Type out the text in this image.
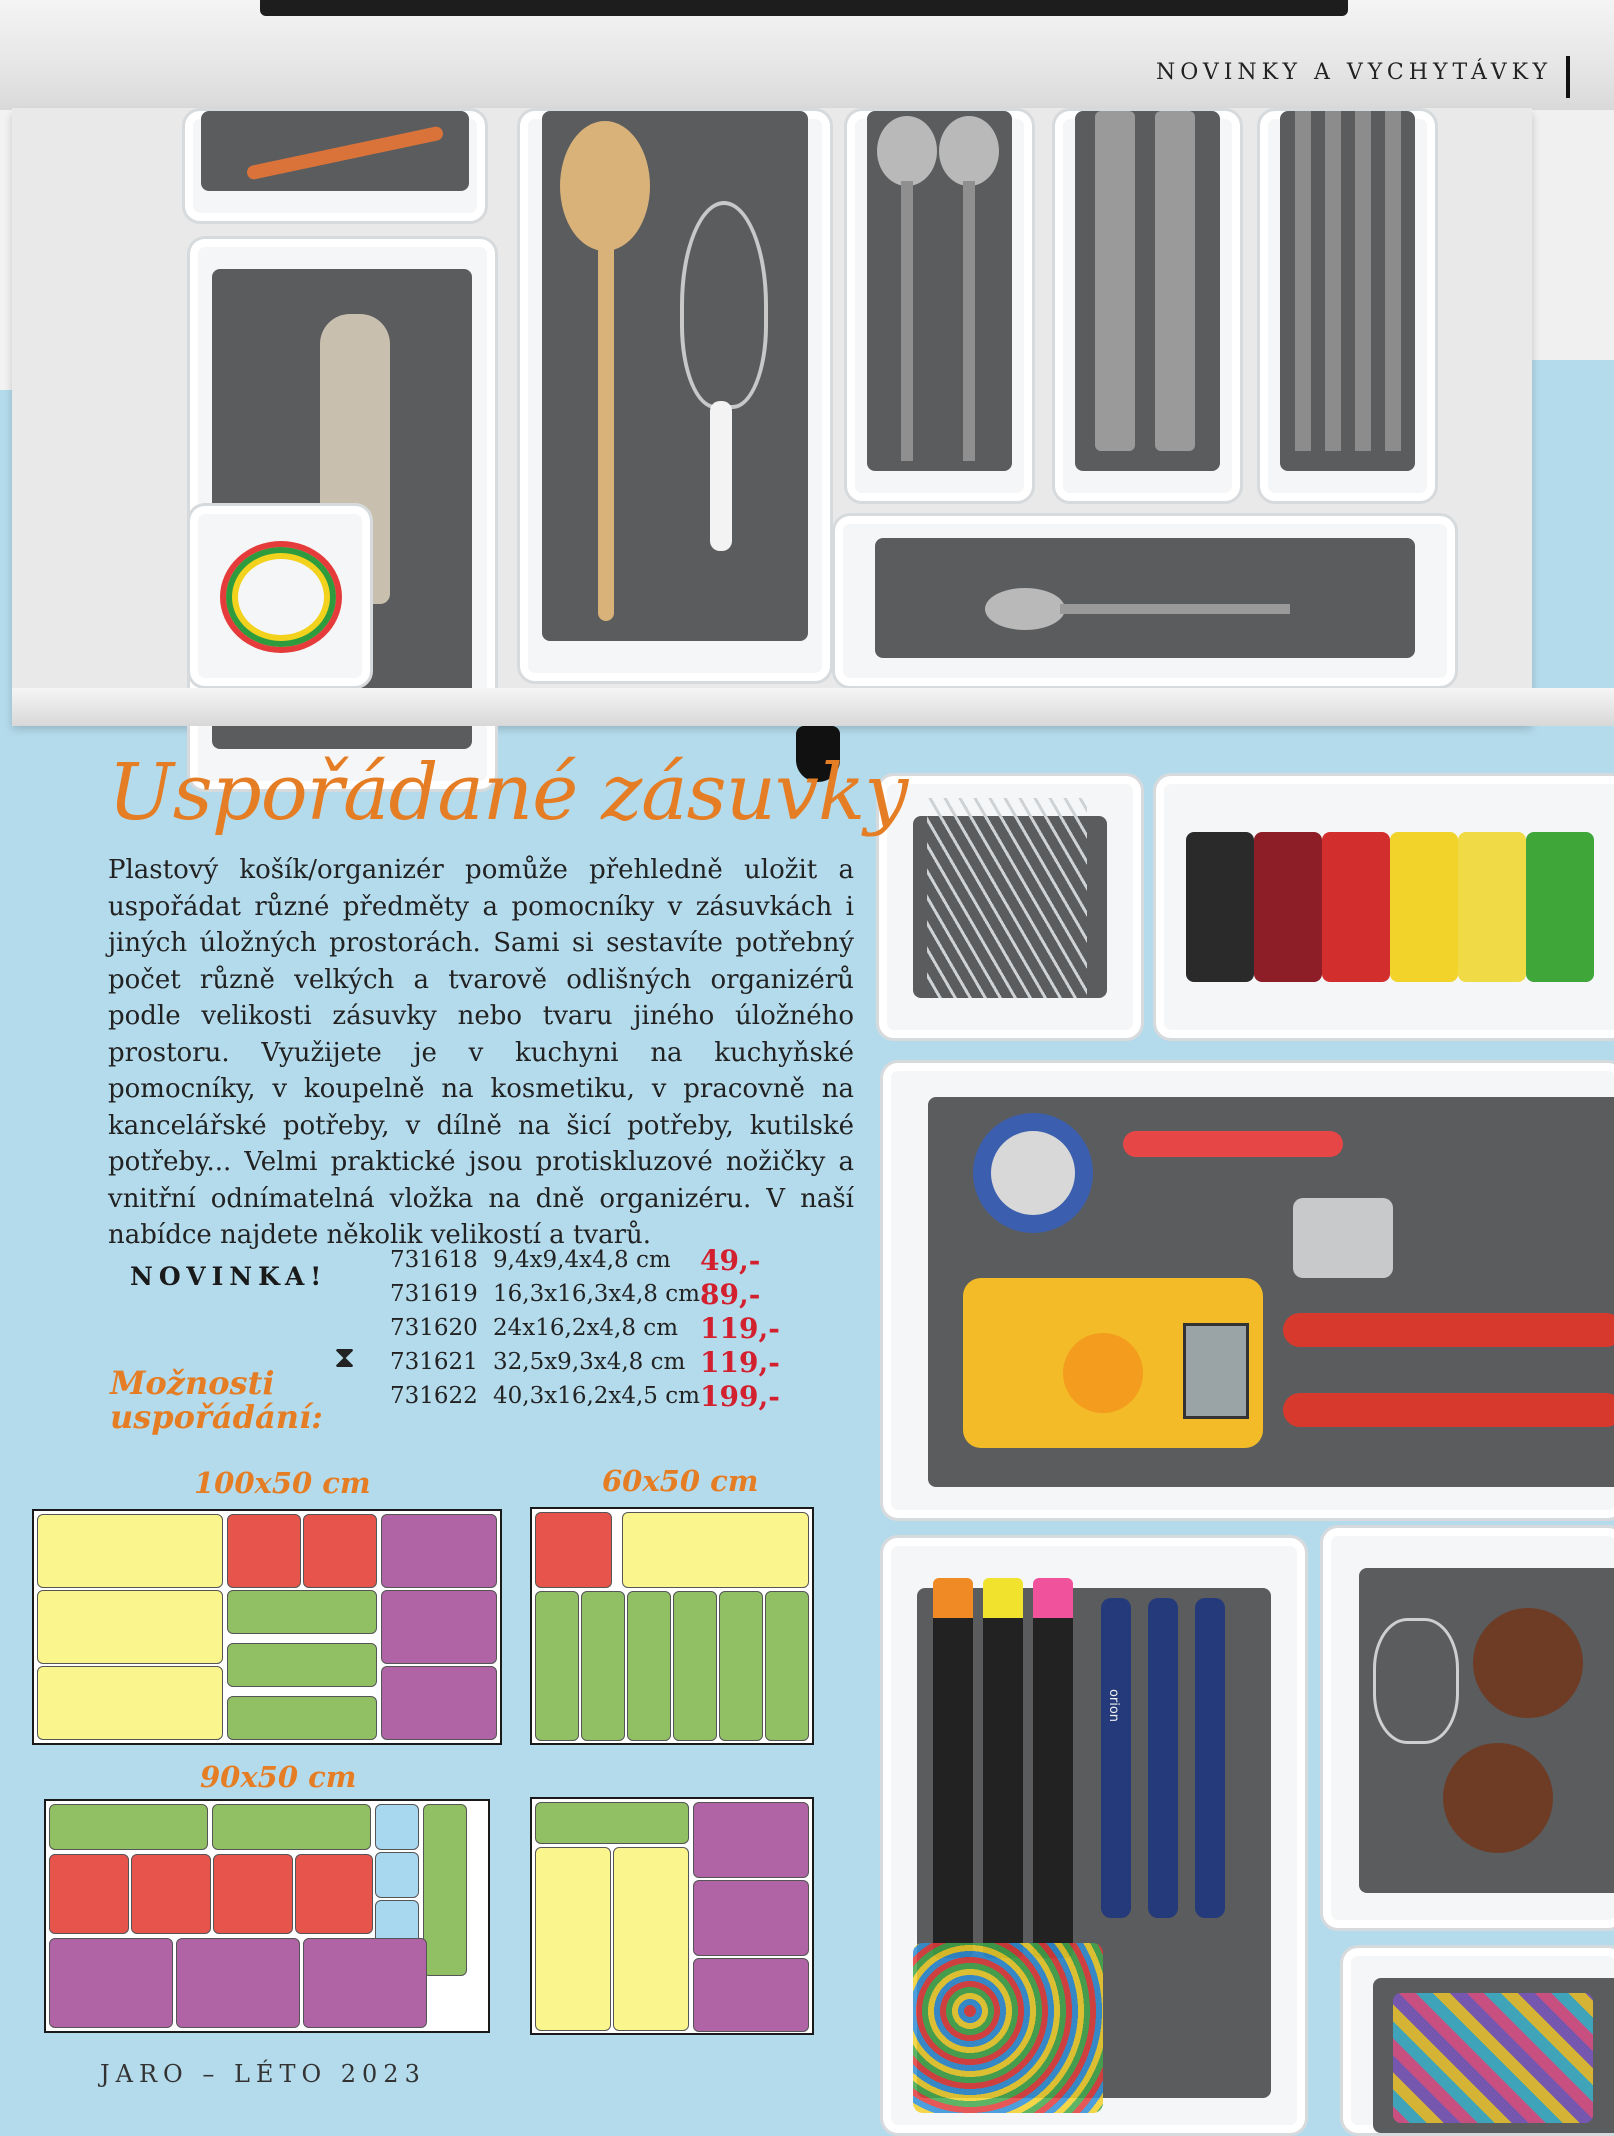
NOVINKY A VYCHYTÁVKY
orion
Uspořádané zásuvky
Plastový košík/organizér pomůže přehledně uložit a uspořádat různé předměty a pomocníky v zásuvkách i jiných úložných prostorách. Sami si sestavíte potřebný počet různě velkých a tvarově odlišných organizérů podle velikosti zásuvky nebo tvaru jiného úložného prostoru. Využijete je v kuchyni na kuchyňské pomocníky, v koupelně na kosmetiku, v pracovně na kancelářské potřeby, v dílně na šicí potřeby, kutilské potřeby... Velmi praktické jsou protiskluzové nožičky a vnitřní odnímatelná vložka na dně organizéru. V naší nabídce najdete několik velikostí a tvarů.
NOVINKA!
⧗
731618	9,4x9,4x4,8 cm	49,-
731619	16,3x16,3x4,8 cm	89,-
731620	24x16,2x4,8 cm	119,-
731621	32,5x9,3x4,8 cm	119,-
731622	40,3x16,2x4,5 cm	199,-
Možnosti
uspořádání:
100x50 cm	60x50 cm
90x50 cm
JARO – LÉTO 2023
